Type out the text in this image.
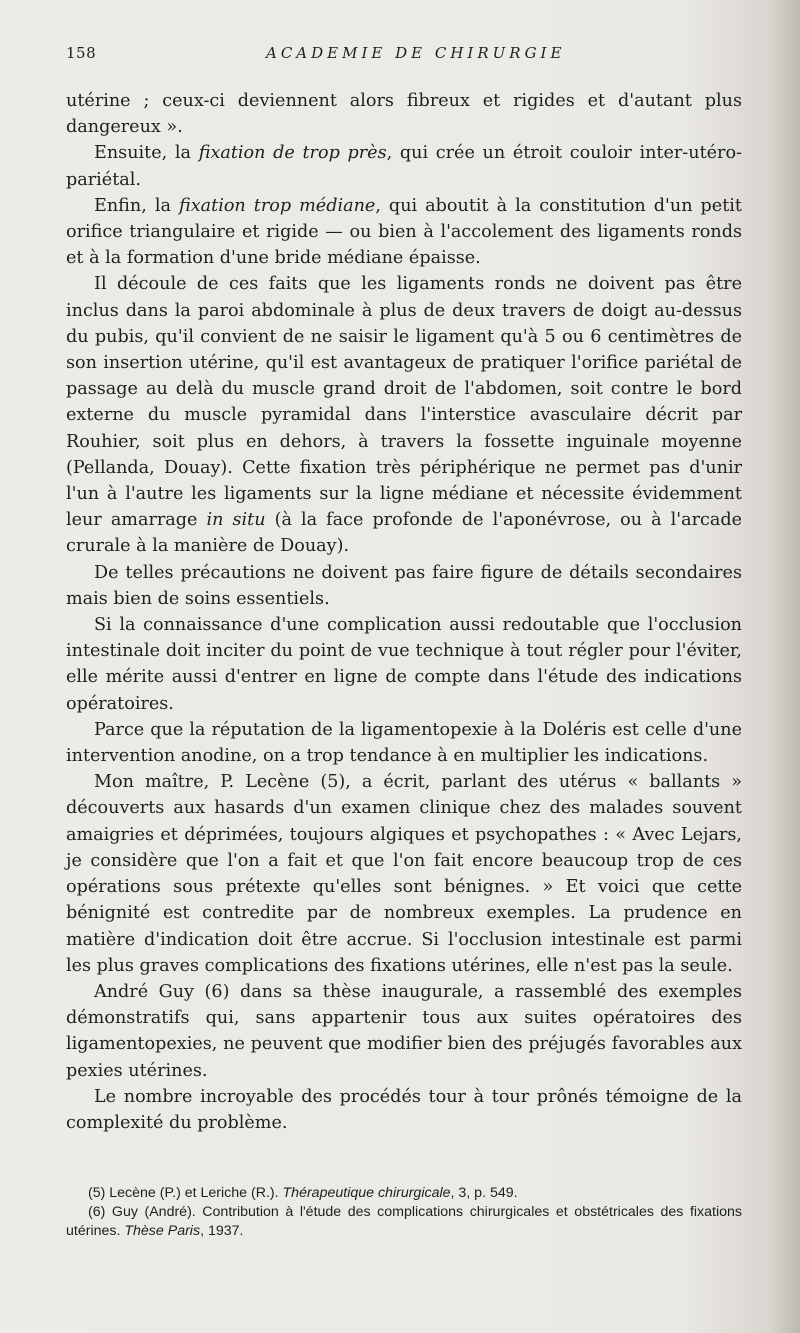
158	ACADEMIE DE CHIRURGIE

utérine ; ceux-ci deviennent alors fibreux et rigides et d'autant plus dangereux ».

Ensuite, la fixation de trop près, qui crée un étroit couloir inter-utéro-pariétal.

Enfin, la fixation trop médiane, qui aboutit à la constitution d'un petit orifice triangulaire et rigide — ou bien à l'accolement des ligaments ronds et à la formation d'une bride médiane épaisse.

Il découle de ces faits que les ligaments ronds ne doivent pas être inclus dans la paroi abdominale à plus de deux travers de doigt au-dessus du pubis, qu'il convient de ne saisir le ligament qu'à 5 ou 6 centimètres de son insertion utérine, qu'il est avantageux de pratiquer l'orifice pariétal de passage au delà du muscle grand droit de l'abdomen, soit contre le bord externe du muscle pyramidal dans l'interstice avasculaire décrit par Rouhier, soit plus en dehors, à travers la fossette inguinale moyenne (Pellanda, Douay). Cette fixation très périphérique ne permet pas d'unir l'un à l'autre les ligaments sur la ligne médiane et nécessite évidemment leur amarrage in situ (à la face profonde de l'aponévrose, ou à l'arcade crurale à la manière de Douay).

De telles précautions ne doivent pas faire figure de détails secondaires mais bien de soins essentiels.

Si la connaissance d'une complication aussi redoutable que l'occlusion intestinale doit inciter du point de vue technique à tout régler pour l'éviter, elle mérite aussi d'entrer en ligne de compte dans l'étude des indications opératoires.

Parce que la réputation de la ligamentopexie à la Doléris est celle d'une intervention anodine, on a trop tendance à en multiplier les indications.

Mon maître, P. Lecène (5), a écrit, parlant des utérus « ballants » découverts aux hasards d'un examen clinique chez des malades souvent amaigries et déprimées, toujours algiques et psychopathes : « Avec Lejars, je considère que l'on a fait et que l'on fait encore beaucoup trop de ces opérations sous prétexte qu'elles sont bénignes. » Et voici que cette bénignité est contredite par de nombreux exemples. La prudence en matière d'indication doit être accrue. Si l'occlusion intestinale est parmi les plus graves complications des fixations utérines, elle n'est pas la seule.

André Guy (6) dans sa thèse inaugurale, a rassemblé des exemples démonstratifs qui, sans appartenir tous aux suites opératoires des ligamentopexies, ne peuvent que modifier bien des préjugés favorables aux pexies utérines.

Le nombre incroyable des procédés tour à tour prônés témoigne de la complexité du problème.

(5) Lecène (P.) et Leriche (R.). Thérapeutique chirurgicale, 3, p. 549.

(6) Guy (André). Contribution à l'étude des complications chirurgicales et obstétricales des fixations utérines. Thèse Paris, 1937.
